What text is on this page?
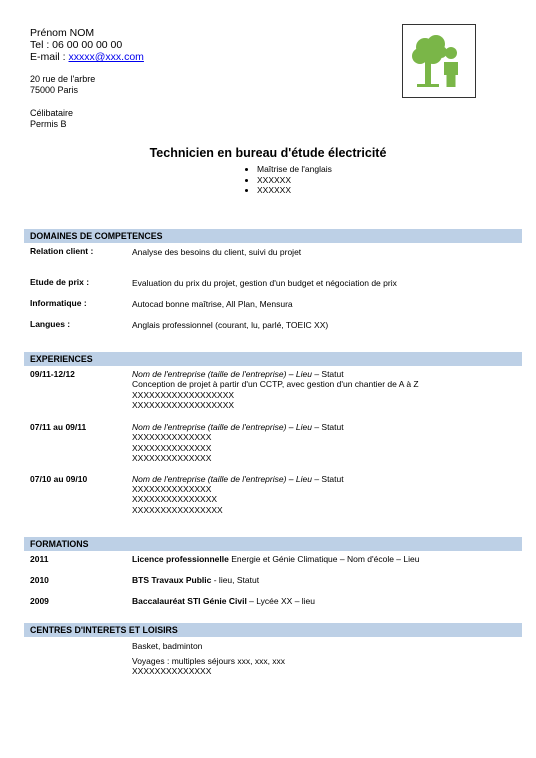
Prénom NOM
Tel : 06 00 00 00 00
E-mail : xxxxx@xxx.com
20 rue de l'arbre
75000 Paris
Célibataire
Permis B
Technicien en bureau d'étude électricité
Maîtrise de l'anglais
XXXXXX
XXXXXX
DOMAINES DE COMPETENCES
Relation client :	Analyse des besoins du client, suivi du projet
Etude de prix :	Evaluation du prix du projet, gestion d'un budget et négociation de prix
Informatique :	Autocad bonne maîtrise, All Plan, Mensura
Langues :	Anglais professionnel (courant, lu, parlé, TOEIC XX)
EXPERIENCES
09/11-12/12	Nom de l'entreprise (taille de l'entreprise) – Lieu – Statut
Conception de projet à partir d'un CCTP, avec gestion d'un chantier de A à Z
XXXXXXXXXXXXXXXXXX
XXXXXXXXXXXXXXXXXX
07/11 au 09/11	Nom de l'entreprise (taille de l'entreprise) – Lieu – Statut
XXXXXXXXXXXXXX
XXXXXXXXXXXXXX
XXXXXXXXXXXXXX
07/10 au 09/10	Nom de l'entreprise (taille de l'entreprise) – Lieu – Statut
XXXXXXXXXXXXXX
XXXXXXXXXXXXXXX
XXXXXXXXXXXXXXXX
FORMATIONS
2011	Licence professionnelle Energie et Génie Climatique – Nom d'école – Lieu
2010	BTS Travaux Public - lieu, Statut
2009	Baccalauréat STI Génie Civil – Lycée XX – lieu
CENTRES D'INTERETS ET LOISIRS
Basket, badminton
Voyages : multiples séjours xxx, xxx, xxx
XXXXXXXXXXXXXX
